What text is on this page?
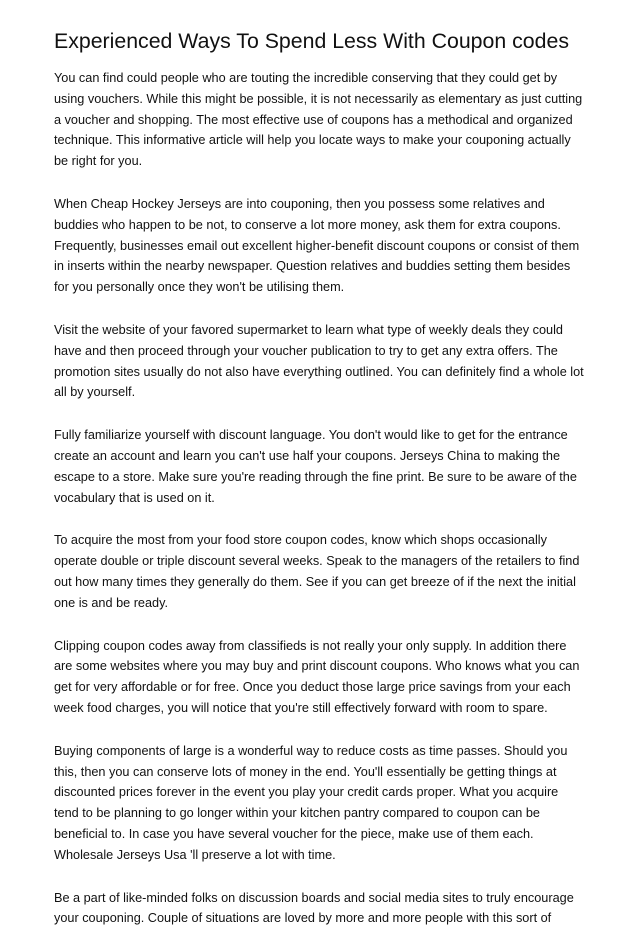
Experienced Ways To Spend Less With Coupon codes

You can find could people who are touting the incredible conserving that they could get by using vouchers. While this might be possible, it is not necessarily as elementary as just cutting a voucher and shopping. The most effective use of coupons has a methodical and organized technique. This informative article will help you locate ways to make your couponing actually be right for you.

When Cheap Hockey Jerseys are into couponing, then you possess some relatives and buddies who happen to be not, to conserve a lot more money, ask them for extra coupons. Frequently, businesses email out excellent higher-benefit discount coupons or consist of them in inserts within the nearby newspaper. Question relatives and buddies setting them besides for you personally once they won't be utilising them.

Visit the website of your favored supermarket to learn what type of weekly deals they could have and then proceed through your voucher publication to try to get any extra offers. The promotion sites usually do not also have everything outlined. You can definitely find a whole lot all by yourself.

Fully familiarize yourself with discount language. You don't would like to get for the entrance create an account and learn you can't use half your coupons. Jerseys China to making the escape to a store. Make sure you're reading through the fine print. Be sure to be aware of the vocabulary that is used on it.

To acquire the most from your food store coupon codes, know which shops occasionally operate double or triple discount several weeks. Speak to the managers of the retailers to find out how many times they generally do them. See if you can get breeze of if the next the initial one is and be ready.

Clipping coupon codes away from classifieds is not really your only supply. In addition there are some websites where you may buy and print discount coupons. Who knows what you can get for very affordable or for free. Once you deduct those large price savings from your each week food charges, you will notice that you're still effectively forward with room to spare.

Buying components of large is a wonderful way to reduce costs as time passes. Should you this, then you can conserve lots of money in the end. You'll essentially be getting things at discounted prices forever in the event you play your credit cards proper. What you acquire tend to be planning to go longer within your kitchen pantry compared to coupon can be beneficial to. In case you have several voucher for the piece, make use of them each. Wholesale Jerseys Usa 'll preserve a lot with time.

Be a part of like-minded folks on discussion boards and social media sites to truly encourage your couponing. Couple of situations are loved by more and more people with this sort of
